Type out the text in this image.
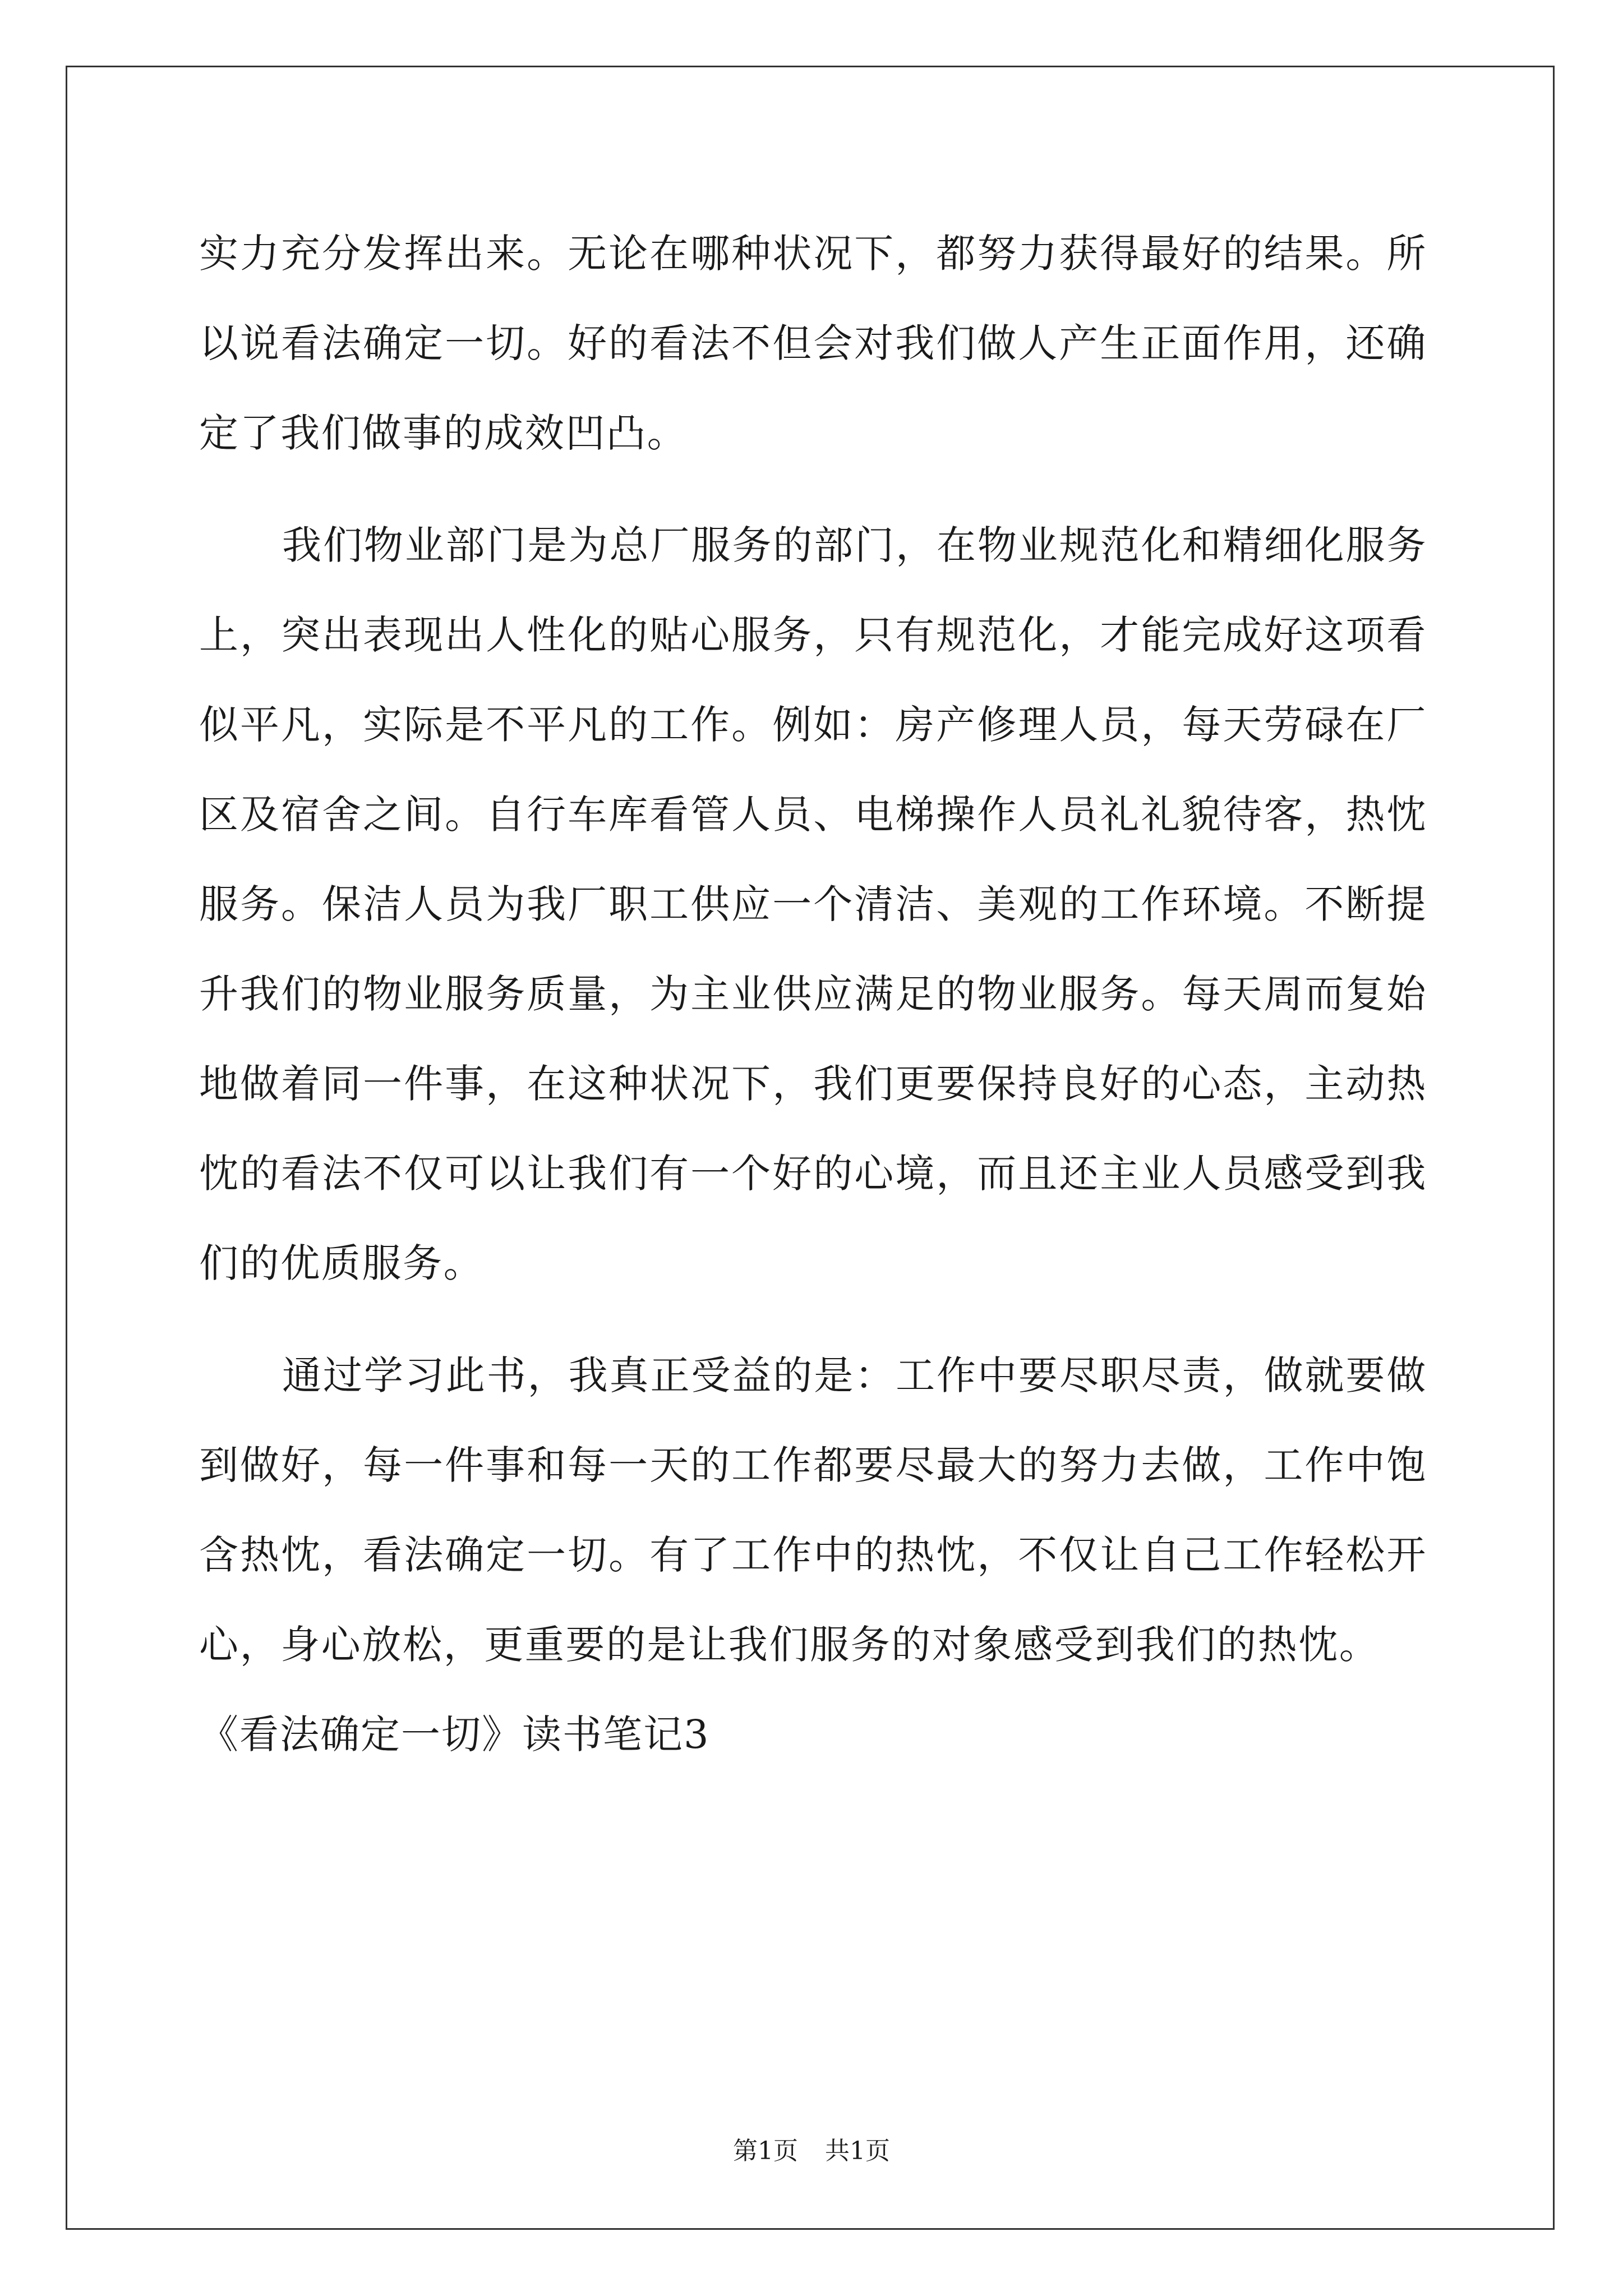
实力充分发挥出来。无论在哪种状况下，都努力获得最好的结果。所
以说看法确定一切。好的看法不但会对我们做人产生正面作用，还确
定了我们做事的成效凹凸。
我们物业部门是为总厂服务的部门，在物业规范化和精细化服务
上，突出表现出人性化的贴心服务，只有规范化，才能完成好这项看
似平凡，实际是不平凡的工作。例如：房产修理人员，每天劳碌在厂
区及宿舍之间。自行车库看管人员、电梯操作人员礼礼貌待客，热忱
服务。保洁人员为我厂职工供应一个清洁、美观的工作环境。不断提
升我们的物业服务质量，为主业供应满足的物业服务。每天周而复始
地做着同一件事，在这种状况下，我们更要保持良好的心态，主动热
忱的看法不仅可以让我们有一个好的心境，而且还主业人员感受到我
们的优质服务。
通过学习此书，我真正受益的是：工作中要尽职尽责，做就要做
到做好，每一件事和每一天的工作都要尽最大的努力去做，工作中饱
含热忱，看法确定一切。有了工作中的热忱，不仅让自己工作轻松开
心，身心放松，更重要的是让我们服务的对象感受到我们的热忱。
《看法确定一切》读书笔记3
第1页 共1页
